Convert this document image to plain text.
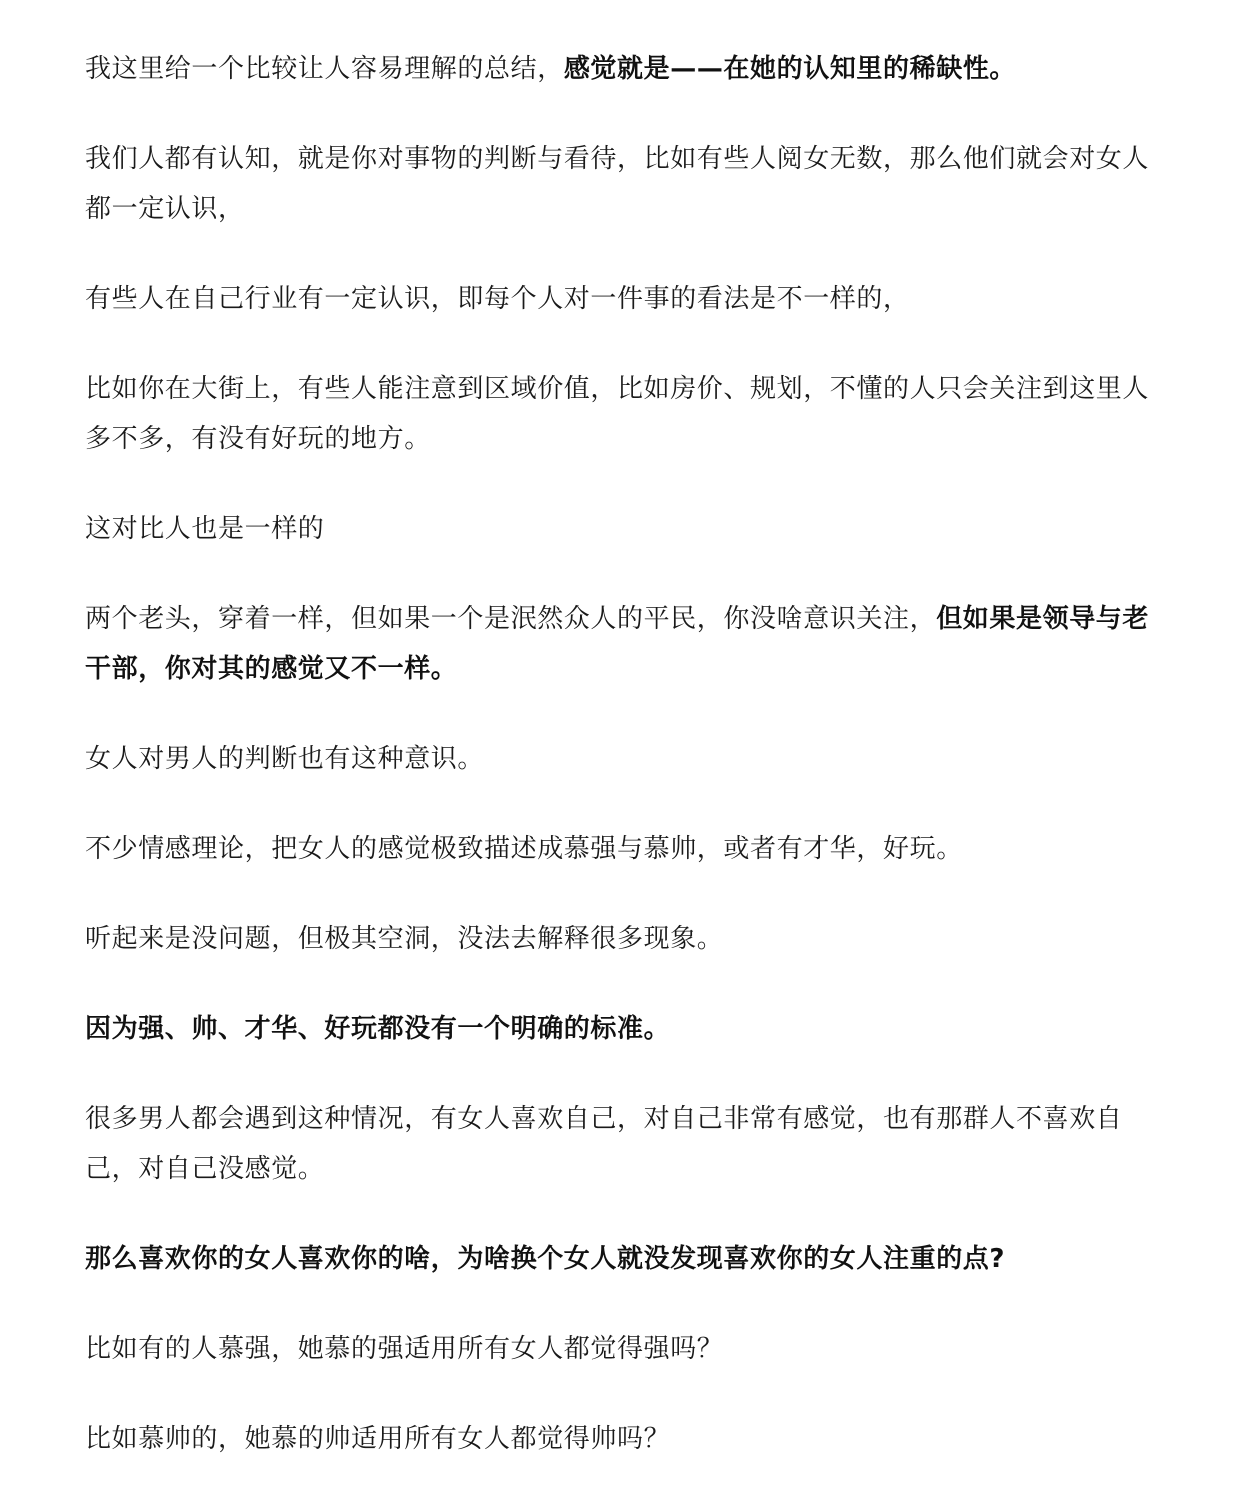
我这里给一个比较让人容易理解的总结，感觉就是——在她的认知里的稀缺性。

我们人都有认知，就是你对事物的判断与看待，比如有些人阅女无数，那么他们就会对女人都一定认识，

有些人在自己行业有一定认识，即每个人对一件事的看法是不一样的，

比如你在大街上，有些人能注意到区域价值，比如房价、规划，不懂的人只会关注到这里人多不多，有没有好玩的地方。

这对比人也是一样的

两个老头，穿着一样，但如果一个是泯然众人的平民，你没啥意识关注，但如果是领导与老干部，你对其的感觉又不一样。

女人对男人的判断也有这种意识。

不少情感理论，把女人的感觉极致描述成慕强与慕帅，或者有才华，好玩。

听起来是没问题，但极其空洞，没法去解释很多现象。

因为强、帅、才华、好玩都没有一个明确的标准。

很多男人都会遇到这种情况，有女人喜欢自己，对自己非常有感觉，也有那群人不喜欢自己，对自己没感觉。

那么喜欢你的女人喜欢你的啥，为啥换个女人就没发现喜欢你的女人注重的点?

比如有的人慕强，她慕的强适用所有女人都觉得强吗？

比如慕帅的，她慕的帅适用所有女人都觉得帅吗？
